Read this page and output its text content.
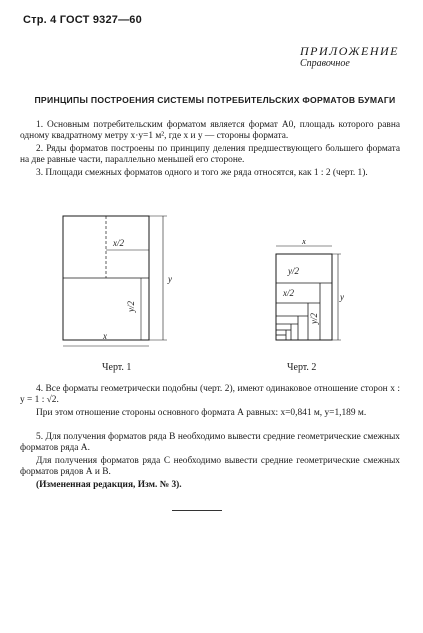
Стр. 4 ГОСТ 9327—60
ПРИЛОЖЕНИЕ
Справочное
ПРИНЦИПЫ ПОСТРОЕНИЯ СИСТЕМЫ ПОТРЕБИТЕЛЬСКИХ ФОРМАТОВ БУМАГИ
1. Основным потребительским форматом является формат А0, площадь которого равна одному квадратному метру x·y=1 м², где x и y — стороны формата.
2. Ряды форматов построены по принципу деления предшествующего большего формата на две равные части, параллельно меньшей его стороне.
3. Площади смежных форматов одного и того же ряда относятся, как 1 : 2 (черт. 1).
x/2
y
y/2
x
Черт. 1
x
y/2
x/2	y
y/2
Черт. 2
4. Все форматы геометрически подобны (черт. 2), имеют одинаковое отношение сторон x : y = 1 : √2.
При этом отношение стороны основного формата А равных: x=0,841 м, y=1,189 м.
5. Для получения форматов ряда В необходимо вывести средние геометрические смежных форматов ряда А.
Для получения форматов ряда С необходимо вывести средние геометрические смежных форматов рядов А и В.
(Измененная редакция, Изм. № 3).
